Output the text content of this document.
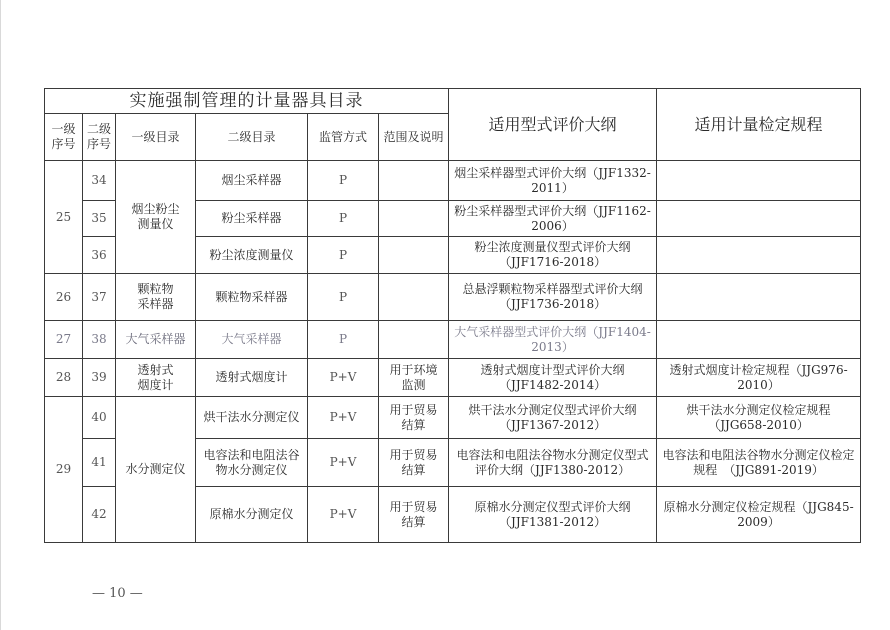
实施强制管理的计量器具目录						适用型式评价大纲	适用计量检定规程
一级序号	二级序号	一级目录	二级目录	监管方式	范围及说明		
25	34	烟尘粉尘测量仪	烟尘采样器	P		烟尘采样器型式评价大纲（JJF1332-2011）	
	35		粉尘采样器	P		粉尘采样器型式评价大纲（JJF1162-2006）	
	36		粉尘浓度测量仪	P		粉尘浓度测量仪型式评价大纲（JJF1716-2018）	
26	37	颗粒物采样器	颗粒物采样器	P		总悬浮颗粒物采样器型式评价大纲（JJF1736-2018）	
27	38	大气采样器	大气采样器	P		大气采样器型式评价大纲（JJF1404-2013）	
28	39	透射式烟度计	透射式烟度计	P+V	用于环境监测	透射式烟度计型式评价大纲（JJF1482-2014）	透射式烟度计检定规程（JJG976-2010）
29	40	水分测定仪	烘干法水分测定仪	P+V	用于贸易结算	烘干法水分测定仪型式评价大纲（JJF1367-2012）	烘干法水分测定仪检定规程（JJG658-2010）
	41		电容法和电阻法谷物水分测定仪	P+V	用于贸易结算	电容法和电阻法谷物水分测定仪型式评价大纲（JJF1380-2012）	电容法和电阻法谷物水分测定仪检定规程　（JJG891-2019）
	42		原棉水分测定仪	P+V	用于贸易结算	原棉水分测定仪型式评价大纲（JJF1381-2012）	原棉水分测定仪检定规程（JJG845-2009）
— 10 —
